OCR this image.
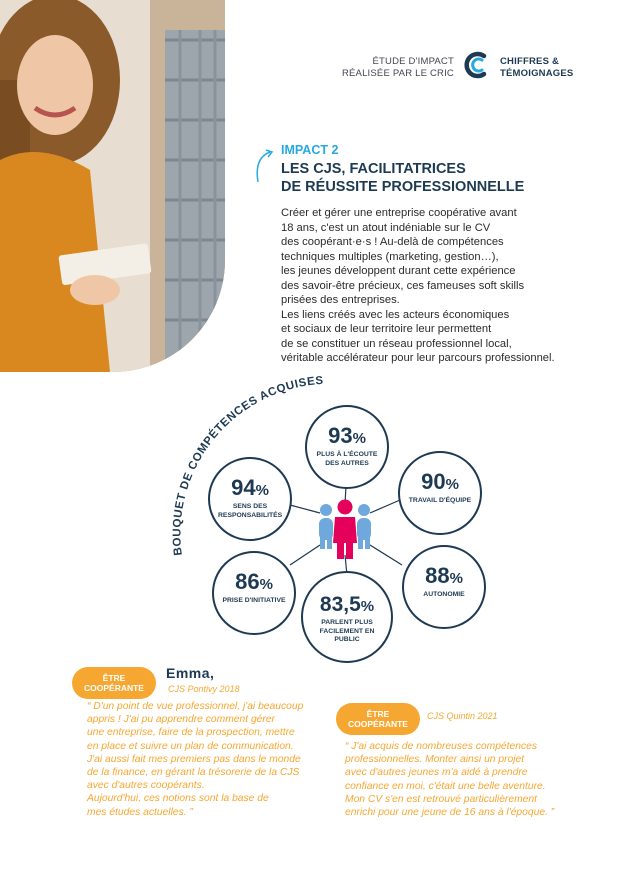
ÉTUDE D'IMPACT
RÉALISÉE PAR LE CRIC
CHIFFRES &
TÉMOIGNAGES
IMPACT 2
LES CJS, FACILITATRICES
DE RÉUSSITE PROFESSIONNELLE

Créer et gérer une entreprise coopérative avant
18 ans, c'est un atout indéniable sur le CV
des coopérant·e·s ! Au-delà de compétences
techniques multiples (marketing, gestion…),
les jeunes développent durant cette expérience
des savoir-être précieux, ces fameuses soft skills
prisées des entreprises.
Les liens créés avec les acteurs économiques
et sociaux de leur territoire leur permettent
de se constituer un réseau professionnel local,
véritable accélérateur pour leur parcours professionnel.

BOUQUET DE COMPÉTENCES ACQUISES
93%
PLUS À L'ÉCOUTE DES AUTRES
94%
SENS DES RESPONSABILITÉS
90%
TRAVAIL D'ÉQUIPE
86%
PRISE D'INITIATIVE
88%
AUTONOMIE
83,5%
PARLENT PLUS FACILEMENT EN PUBLIC
ÊTRE
COOPÉRANTE
Emma,
CJS Pontivy 2018
“ D'un point de vue professionnel, j'ai beaucoup
appris ! J'ai pu apprendre comment gérer
une entreprise, faire de la prospection, mettre
en place et suivre un plan de communication.
J'ai aussi fait mes premiers pas dans le monde
de la finance, en gérant la trésorerie de la CJS
avec d'autres coopérants.
Aujourd'hui, ces notions sont la base de
mes études actuelles. ”
ÊTRE
COOPÉRANTE
CJS Quintin 2021
“ J'ai acquis de nombreuses compétences
professionnelles. Monter ainsi un projet
avec d'autres jeunes m'a aidé à prendre
confiance en moi, c'était une belle aventure.
Mon CV s'en est retrouvé particulièrement
enrichi pour une jeune de 16 ans à l'époque. ”
